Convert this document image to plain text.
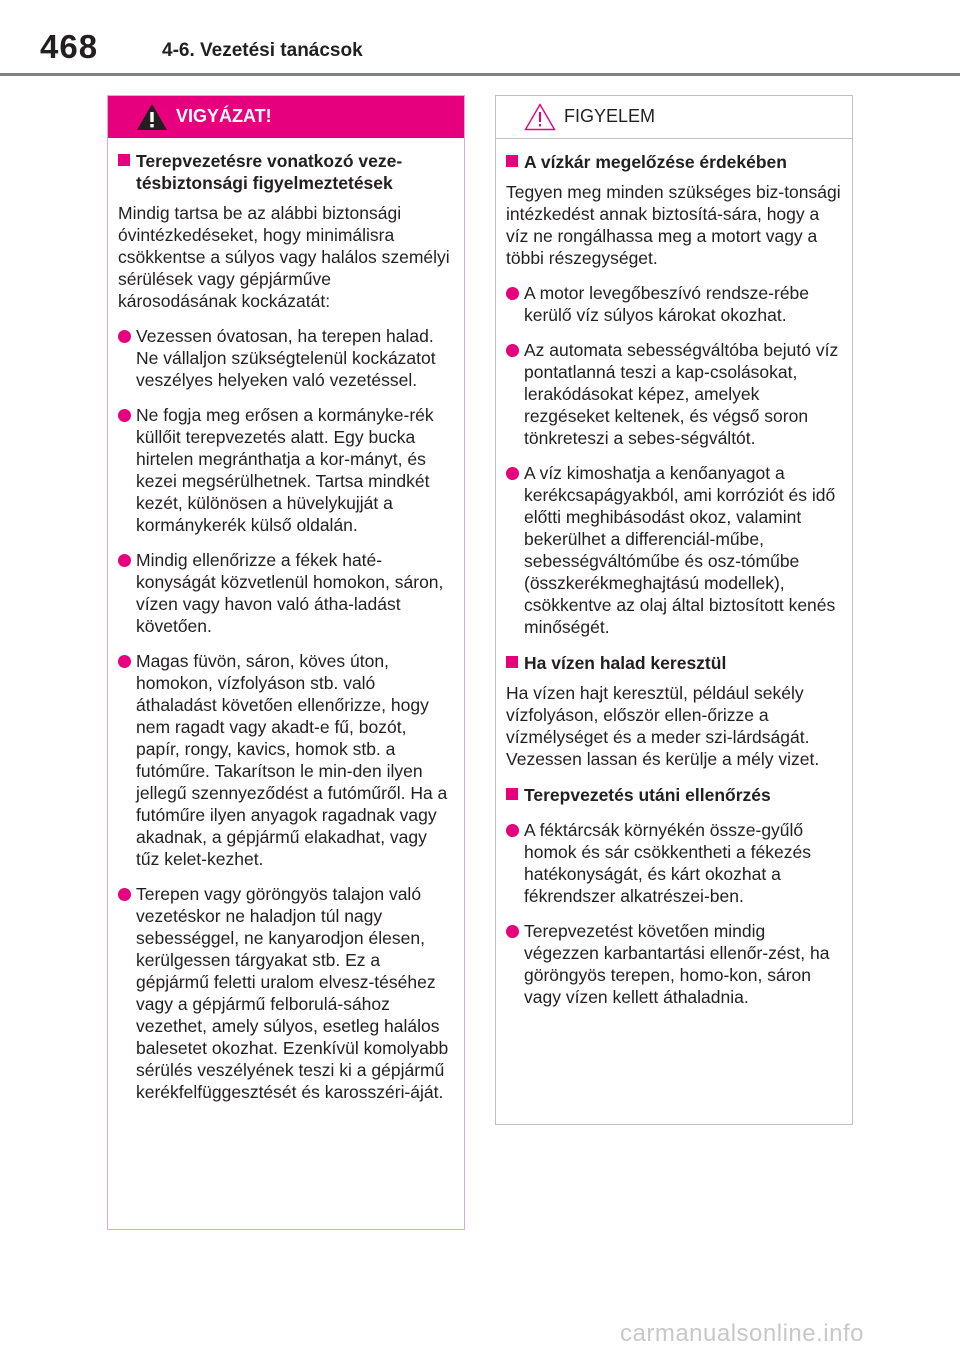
468	4-6. Vezetési tanácsok
VIGYÁZAT!
Terepvezetésre vonatkozó veze-tésbiztonsági figyelmeztetések
Mindig tartsa be az alábbi biztonsági óvintézkedéseket, hogy minimálisra csökkentse a súlyos vagy halálos személyi sérülések vagy gépjárműve károsodásának kockázatát:
Vezessen óvatosan, ha terepen halad. Ne vállaljon szükségtelenül kockázatot veszélyes helyeken való vezetéssel.
Ne fogja meg erősen a kormányke-rék küllőit terepvezetés alatt. Egy bucka hirtelen megránthatja a kor-mányt, és kezei megsérülhetnek. Tartsa mindkét kezét, különösen a hüvelykujját a kormánykerék külső oldalán.
Mindig ellenőrizze a fékek haté-konyságát közvetlenül homokon, sáron, vízen vagy havon való átha-ladást követően.
Magas füvön, sáron, köves úton, homokon, vízfolyáson stb. való áthaladást követően ellenőrizze, hogy nem ragadt vagy akadt-e fű, bozót, papír, rongy, kavics, homok stb. a futóműre. Takarítson le min-den ilyen jellegű szennyeződést a futóműről. Ha a futóműre ilyen anyagok ragadnak vagy akadnak, a gépjármű elakadhat, vagy tűz kelet-kezhet.
Terepen vagy göröngyös talajon való vezetéskor ne haladjon túl nagy sebességgel, ne kanyarodjon élesen, kerülgessen tárgyakat stb. Ez a gépjármű feletti uralom elvesz-téséhez vagy a gépjármű felborulá-sához vezethet, amely súlyos, esetleg halálos balesetet okozhat. Ezenkívül komolyabb sérülés veszélyének teszi ki a gépjármű kerékfelfüggesztését és karosszéri-áját.
FIGYELEM
A vízkár megelőzése érdekében
Tegyen meg minden szükséges biz-tonsági intézkedést annak biztosítá-sára, hogy a víz ne rongálhassa meg a motort vagy a többi részegységet.
A motor levegőbeszívó rendsze-rébe kerülő víz súlyos károkat okozhat.
Az automata sebességváltóba bejutó víz pontatlanná teszi a kap-csolásokat, lerakódásokat képez, amelyek rezgéseket keltenek, és végső soron tönkreteszi a sebes-ségváltót.
A víz kimoshatja a kenőanyagot a kerékcsapágyakból, ami korróziót és idő előtti meghibásodást okoz, valamint bekerülhet a differenciál-műbe, sebességváltóműbe és osz-tóműbe (összkerékmeghajtású modellek), csökkentve az olaj által biztosított kenés minőségét.
Ha vízen halad keresztül
Ha vízen hajt keresztül, például sekély vízfolyáson, először ellen-őrizze a vízmélységet és a meder szi-lárdságát. Vezessen lassan és kerülje a mély vizet.
Terepvezetés utáni ellenőrzés
A féktárcsák környékén össze-gyűlő homok és sár csökkentheti a fékezés hatékonyságát, és kárt okozhat a fékrendszer alkatrészei-ben.
Terepvezetést követően mindig végezzen karbantartási ellenőr-zést, ha göröngyös terepen, homo-kon, sáron vagy vízen kellett áthaladnia.
carmanualsonline.info
